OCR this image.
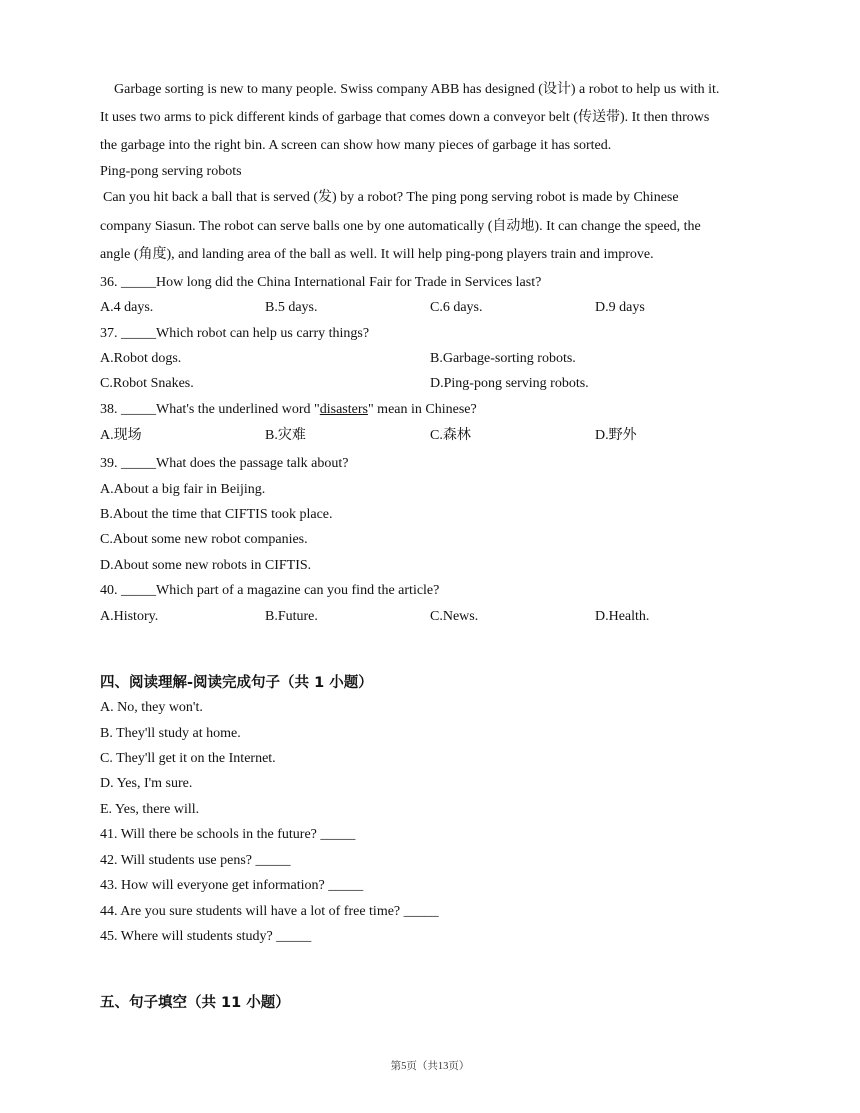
Garbage sorting is new to many people. Swiss company ABB has designed (设计) a robot to help us with it.
It uses two arms to pick different kinds of garbage that comes down a conveyor belt (传送带). It then throws
the garbage into the right bin. A screen can show how many pieces of garbage it has sorted.
Ping-pong serving robots
Can you hit back a ball that is served (发) by a robot? The ping pong serving robot is made by Chinese
company Siasun. The robot can serve balls one by one automatically (自动地). It can change the speed, the
angle (角度), and landing area of the ball as well. It will help ping-pong players train and improve.
36. _____How long did the China International Fair for Trade in Services last?
A.4 days.	B.5 days.	C.6 days.	D.9 days
37. _____Which robot can help us carry things?
A.Robot dogs.	B.Garbage-sorting robots.
C.Robot Snakes.	D.Ping-pong serving robots.
38. _____What's the underlined word "disasters" mean in Chinese?
A.现场	B.灾难	C.森林	D.野外
39. _____What does the passage talk about?
A.About a big fair in Beijing.
B.About the time that CIFTIS took place.
C.About some new robot companies.
D.About some new robots in CIFTIS.
40. _____Which part of a magazine can you find the article?
A.History.	B.Future.	C.News.	D.Health.
四、阅读理解-阅读完成句子（共 1 小题）
A. No, they won't.
B. They'll study at home.
C. They'll get it on the Internet.
D. Yes, I'm sure.
E. Yes, there will.
41. Will there be schools in the future? _____
42. Will students use pens? _____
43. How will everyone get information? _____
44. Are you sure students will have a lot of free time? _____
45. Where will students study? _____
五、句子填空（共 11 小题）
第5页（共13页）
